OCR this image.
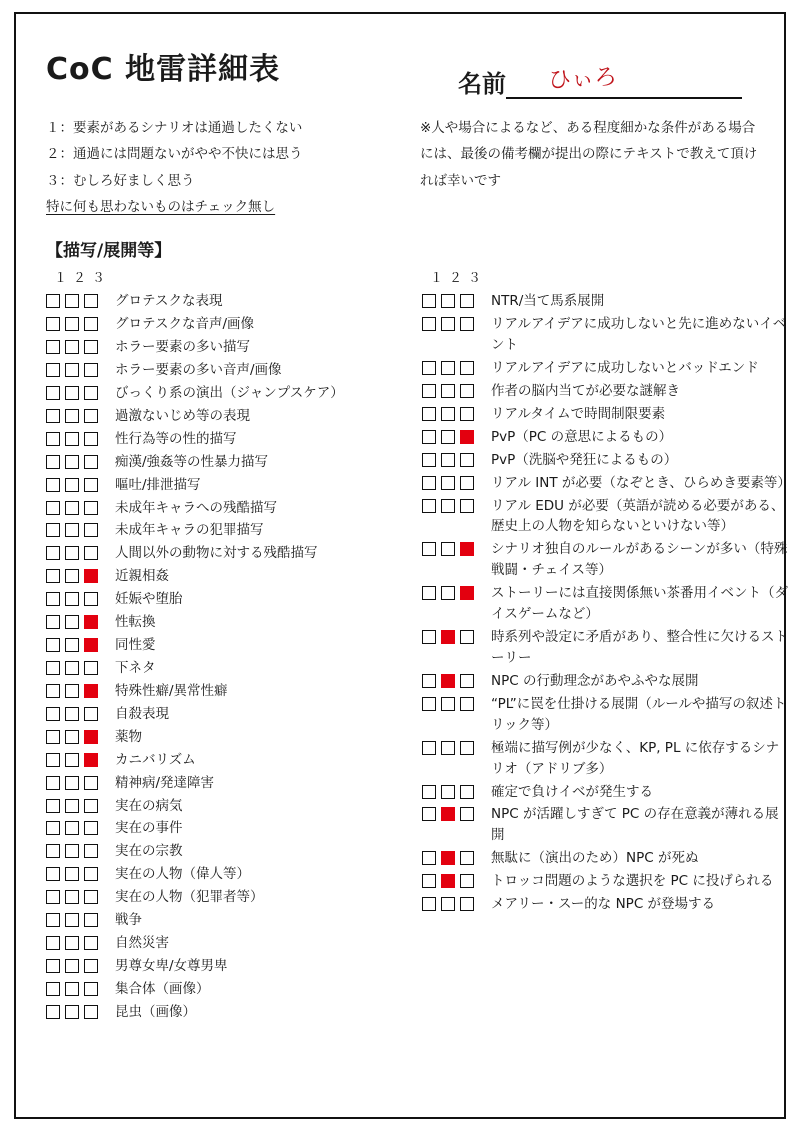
CoC 地雷詳細表	名前 ひぃろ
１：要素があるシナリオは通過したくない
２：通過には問題ないがやや不快には思う
３：むしろ好ましく思う
特に何も思わないものはチェック無し
※人や場合によるなど、ある程度細かな条件がある場合には、最後の備考欄が提出の際にテキストで教えて頂ければ幸いです
【描写/展開等】
１２３
グロテスクな表現
グロテスクな音声/画像
ホラー要素の多い描写
ホラー要素の多い音声/画像
びっくり系の演出（ジャンプスケア）
過激ないじめ等の表現
性行為等の性的描写
痴漢/強姦等の性暴力描写
嘔吐/排泄描写
未成年キャラへの残酷描写
未成年キャラの犯罪描写
人間以外の動物に対する残酷描写
近親相姦
妊娠や堕胎
性転換
同性愛
下ネタ
特殊性癖/異常性癖
自殺表現
薬物
カニバリズム
精神病/発達障害
実在の病気
実在の事件
実在の宗教
実在の人物（偉人等）
実在の人物（犯罪者等）
戦争
自然災害
男尊女卑/女尊男卑
集合体（画像）
昆虫（画像）
１２３
NTR/当て馬系展開
リアルアイデアに成功しないと先に進めないイベント
リアルアイデアに成功しないとバッドエンド
作者の脳内当てが必要な謎解き
リアルタイムで時間制限要素
PvP（PC の意思によるもの）
PvP（洗脳や発狂によるもの）
リアル INT が必要（なぞとき、ひらめき要素等）
リアル EDU が必要（英語が読める必要がある、歴史上の人物を知らないといけない等）
シナリオ独自のルールがあるシーンが多い（特殊戦闘・チェイス等）
ストーリーには直接関係無い茶番用イベント（ダイスゲームなど）
時系列や設定に矛盾があり、整合性に欠けるストーリー
NPC の行動理念があやふやな展開
“PL”に罠を仕掛ける展開（ルールや描写の叙述トリック等）
極端に描写例が少なく、KP, PL に依存するシナリオ（アドリブ多）
確定で負けイベが発生する
NPC が活躍しすぎて PC の存在意義が薄れる展開
無駄に（演出のため）NPC が死ぬ
トロッコ問題のような選択を PC に投げられる
メアリー・スー的な NPC が登場する
